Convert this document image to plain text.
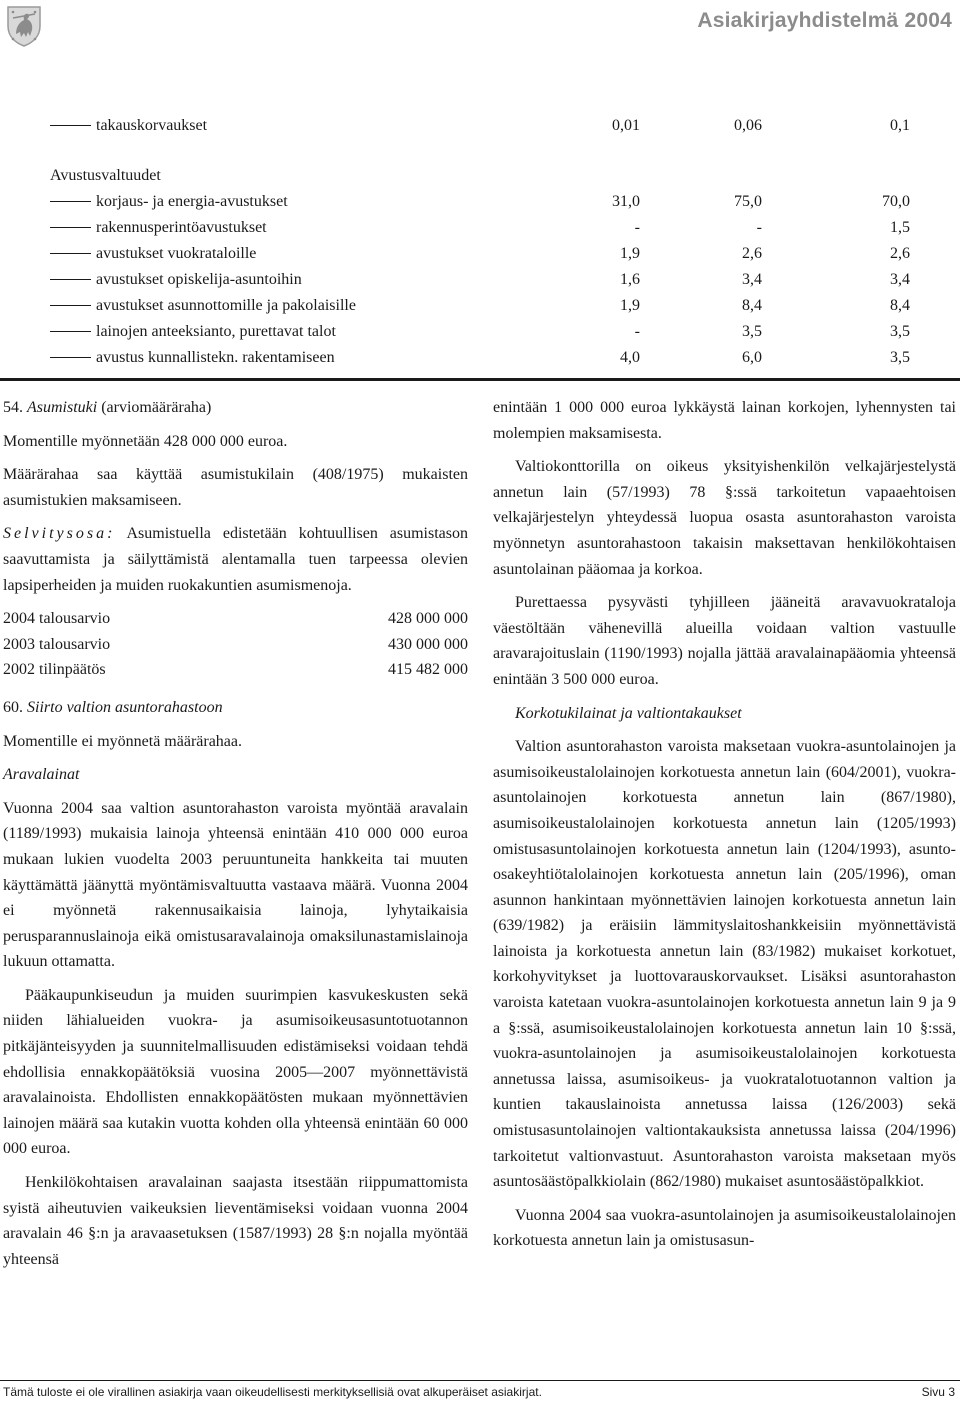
Asiakirjayhdistelmä 2004
takauskorvaukset	0,01	0,06	0,1
Avustusvaltuudet
korjaus- ja energia-avustukset	31,0	75,0	70,0
rakennusperintöavustukset	-	-	1,5
avustukset vuokrataloille	1,9	2,6	2,6
avustukset opiskelija-asuntoihin	1,6	3,4	3,4
avustukset asunnottomille ja pakolaisille	1,9	8,4	8,4
lainojen anteeksianto, purettavat talot	-	3,5	3,5
avustus kunnallistekn. rakentamiseen	4,0	6,0	3,5

54. Asumistuki (arviomääräraha)

Momentille myönnetään 428 000 000 euroa.

Määrärahaa saa käyttää asumistukilain (408/1975) mukaisten asumistukien maksamiseen.

Selvitysosa: Asumistuella edistetään kohtuullisen asumistason saavuttamista ja säilyttämistä alentamalla tuen tarpeessa olevien lapsiperheiden ja muiden ruokakuntien asumismenoja.

2004 talousarvio	428 000 000
2003 talousarvio	430 000 000
2002 tilinpäätös	415 482 000

60. Siirto valtion asuntorahastoon

Momentille ei myönnetä määrärahaa.

Aravalainat

Vuonna 2004 saa valtion asuntorahaston varoista myöntää aravalain (1189/1993) mukaisia lainoja yhteensä enintään 410 000 000 euroa mukaan lukien vuodelta 2003 peruuntuneita hankkeita tai muuten käyttämättä jäänyttä myöntämisvaltuutta vastaava määrä. Vuonna 2004 ei myönnetä rakennusaikaisia lainoja, lyhytaikaisia perusparannuslainoja eikä omistusaravalainoja omaksilunastamislainoja lukuun ottamatta.

Pääkaupunkiseudun ja muiden suurimpien kasvukeskusten sekä niiden lähialueiden vuokra- ja asumisoikeusasuntotuotannon pitkäjänteisyyden ja suunnitelmallisuuden edistämiseksi voidaan tehdä ehdollisia ennakkopäätöksiä vuosina 2005—2007 myönnettävistä aravalainoista. Ehdollisten ennakkopäätösten mukaan myönnettävien lainojen määrä saa kutakin vuotta kohden olla yhteensä enintään 60 000 000 euroa.

Henkilökohtaisen aravalainan saajasta itsestään riippumattomista syistä aiheutuvien vaikeuksien lieventämiseksi voidaan vuonna 2004 aravalain 46 §:n ja aravaasetuksen (1587/1993) 28 §:n nojalla myöntää yhteensä

enintään 1 000 000 euroa lykkäystä lainan korkojen, lyhennysten tai molempien maksamisesta.

Valtiokonttorilla on oikeus yksityishenkilön velkajärjestelystä annetun lain (57/1993) 78 §:ssä tarkoitetun vapaaehtoisen velkajärjestelyn yhteydessä luopua osasta asuntorahaston varoista myönnetyn asuntorahastoon takaisin maksettavan henkilökohtaisen asuntolainan pääomaa ja korkoa.

Purettaessa pysyvästi tyhjilleen jääneitä aravavuokrataloja väestöltään vähenevillä alueilla voidaan valtion vastuulle aravarajoituslain (1190/1993) nojalla jättää aravalainapääomia yhteensä enintään 3 500 000 euroa.

Korkotukilainat ja valtiontakaukset

Valtion asuntorahaston varoista maksetaan vuokra-asuntolainojen ja asumisoikeustalolainojen korkotuesta annetun lain (604/2001), vuokra-asuntolainojen korkotuesta annetun lain (867/1980), asumisoikeustalolainojen korkotuesta annetun lain (1205/1993) omistusasuntolainojen korkotuesta annetun lain (1204/1993), asunto-osakeyhtiötalolainojen korkotuesta annetun lain (205/1996), oman asunnon hankintaan myönnettävien lainojen korkotuesta annetun lain (639/1982) ja eräisiin lämmityslaitoshankkeisiin myönnettävistä lainoista ja korkotuesta annetun lain (83/1982) mukaiset korkotuet, korkohyvitykset ja luottovarauskorvaukset. Lisäksi asuntorahaston varoista katetaan vuokra-asuntolainojen korkotuesta annetun lain 9 ja 9 a §:ssä, asumisoikeustalolainojen korkotuesta annetun lain 10 §:ssä, vuokra-asuntolainojen ja asumisoikeustalolainojen korkotuesta annetussa laissa, asumisoikeus- ja vuokratalotuotannon valtion ja kuntien takauslainoista annetussa laissa (126/2003) sekä omistusasuntolainojen valtiontakauksista annetussa laissa (204/1996) tarkoitetut valtionvastuut. Asuntorahaston varoista maksetaan myös asuntosäästöpalkkiolain (862/1980) mukaiset asuntosäästöpalkkiot.

Vuonna 2004 saa vuokra-asuntolainojen ja asumisoikeustalolainojen korkotuesta annetun lain ja omistusasun-

Tämä tuloste ei ole virallinen asiakirja vaan oikeudellisesti merkityksellisiä ovat alkuperäiset asiakirjat.	Sivu 3
